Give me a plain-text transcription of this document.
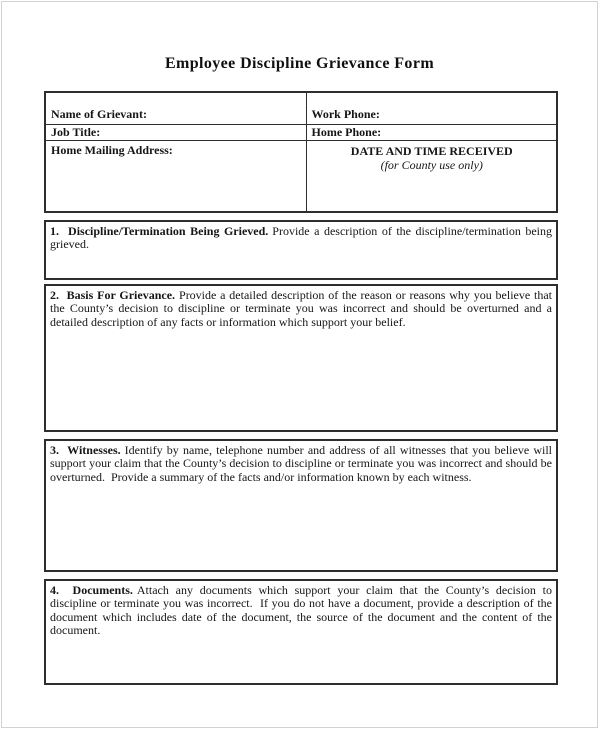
Employee Discipline Grievance Form
Name of Grievant:	Work Phone:
Job Title:	Home Phone:
Home Mailing Address:	DATE AND TIME RECEIVED
(for County use only)

1.  Discipline/Termination Being Grieved. Provide a description of the discipline/termination being grieved.

2.  Basis For Grievance. Provide a detailed description of the reason or reasons why you believe that the County’s decision to discipline or terminate you was incorrect and should be overturned and a detailed description of any facts or information which support your belief.

3.  Witnesses. Identify by name, telephone number and address of all witnesses that you believe will support your claim that the County’s decision to discipline or terminate you was incorrect and should be overturned.  Provide a summary of the facts and/or information known by each witness.

4.  Documents. Attach any documents which support your claim that the County’s decision to discipline or terminate you was incorrect.  If you do not have a document, provide a description of the document which includes date of the document, the source of the document and the content of the document.
